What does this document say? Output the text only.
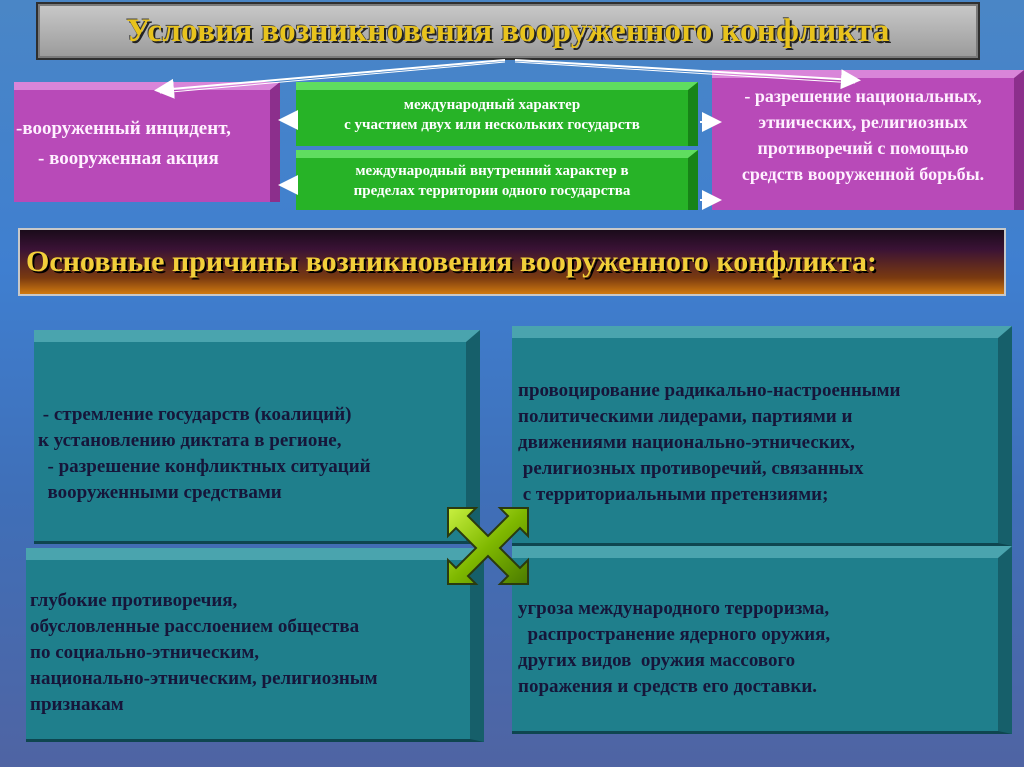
Условия возникновения вооруженного конфликта
-вооруженный инцидент,
- вооруженная акция
международный характер
с участием двух или нескольких государств
международный внутренний характер в
пределах территории одного государства
- разрешение национальных,
этнических, религиозных
противоречий с помощью
средств вооруженной борьбы.
Основные причины возникновения вооруженного конфликта:
- стремление государств (коалиций)
к установлению диктата в регионе,
- разрешение конфликтных ситуаций
вооруженными средствами
провоцирование радикально-настроенными
политическими лидерами, партиями и
движениями национально-этнических,
религиозных противоречий, связанных
с территориальными претензиями;
глубокие противоречия,
обусловленные расслоением общества
по социально-этническим,
национально-этническим, религиозным
признакам
угроза международного терроризма,
распространение ядерного оружия,
других видов  оружия массового
поражения и средств его доставки.
